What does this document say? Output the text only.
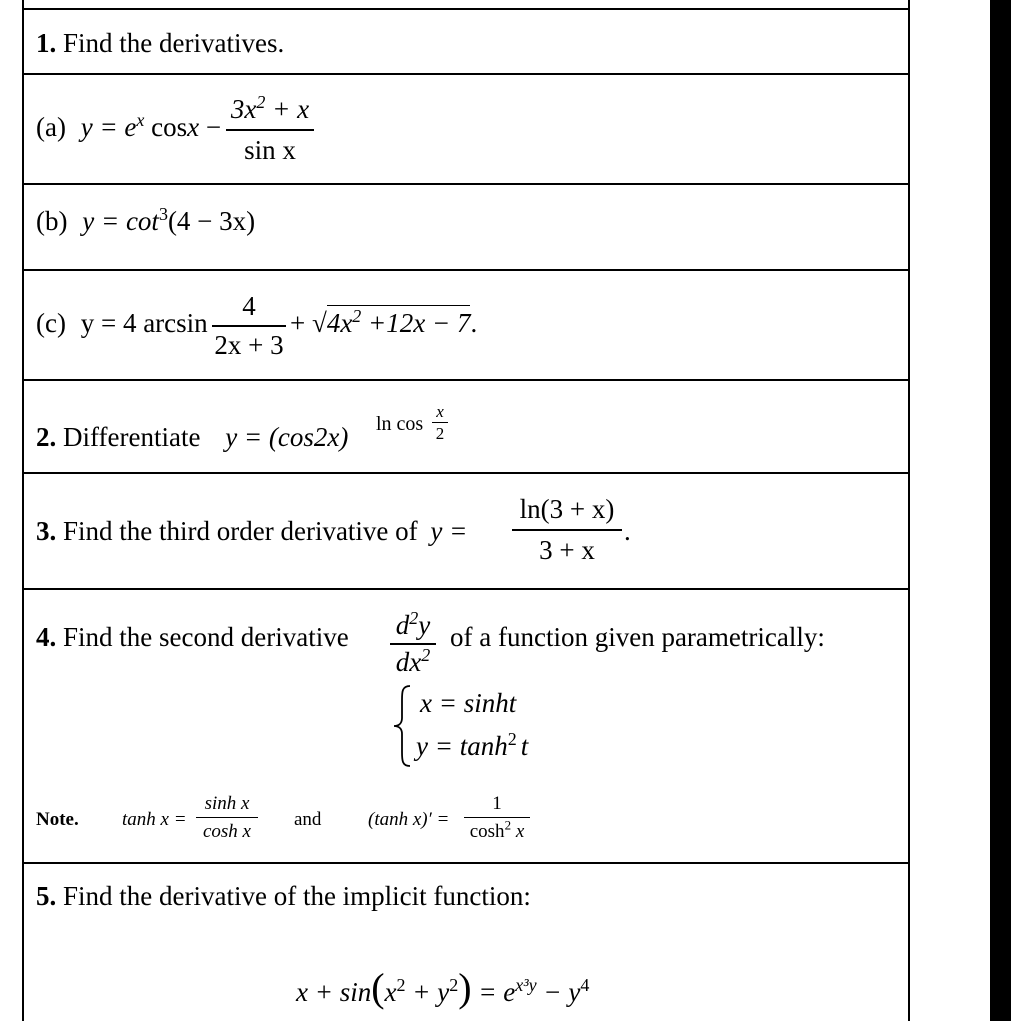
1. Find the derivatives.
(a) $y = e^x$ cosx −
$3x^2 + x$
sin x
(b) $y = \cot^3(4 - 3x)$
(c) y = 4 arcsin
4
2x + 3
+ $√4x^2 +12x - 7$.
2. Differentiate y = (cos2x) ln cos
x
2
3. Find the third order derivative of y =
ln(3 + x)
3 + x
.
4. Find the second derivative $d^2y$
$dx^2$
of a function given parametrically:
x = sinht
$y = \tanh^2 t$
Note. tanh x =
sinh x
cosh x
and (tanh x)′ =
1
$\cosh^2 x$
5. Find the derivative of the implicit function:
$x + \sin(x^2 + y^2) = e^{x^3y} - y^4$
